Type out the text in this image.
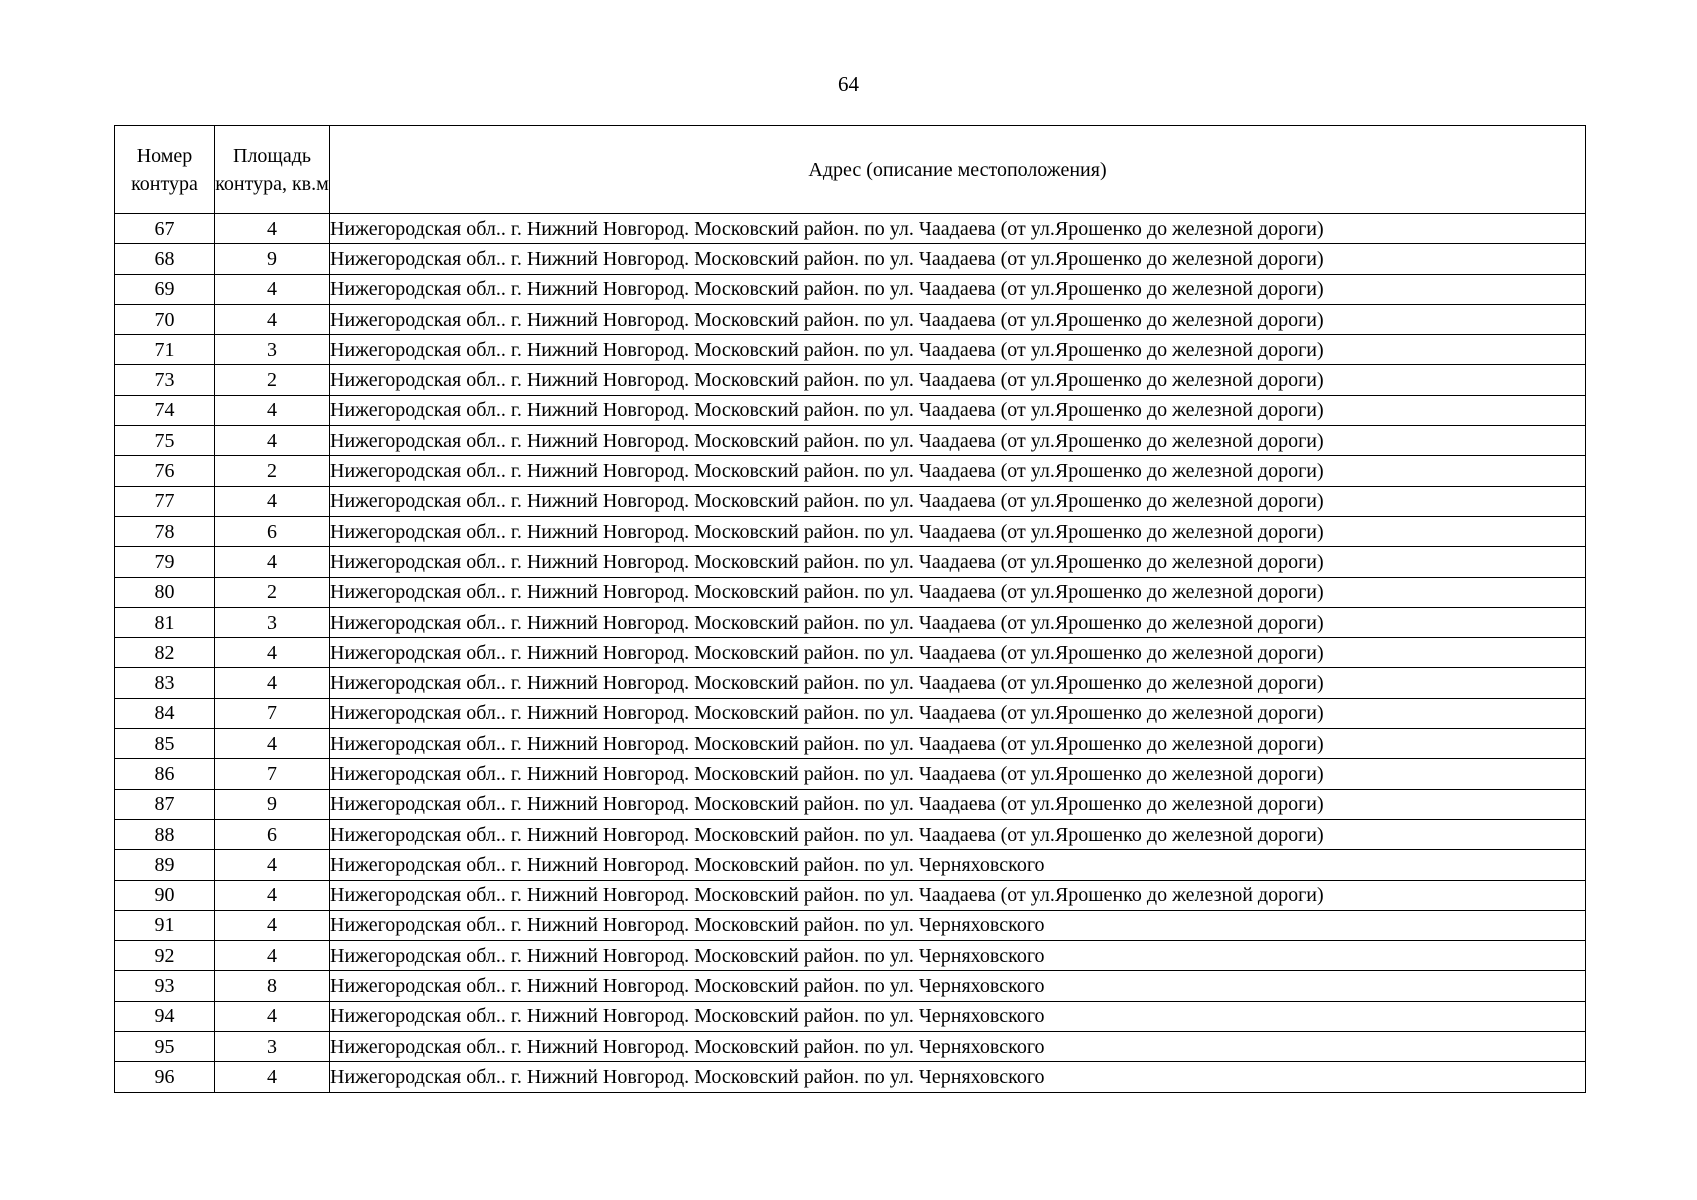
64
Номер контура	Площадь контура, кв.м	Адрес (описание местоположения)
67	4	Нижегородская обл.. г. Нижний Новгород. Московский район. по ул. Чаадаева (от ул.Ярошенко до железной дороги)
68	9	Нижегородская обл.. г. Нижний Новгород. Московский район. по ул. Чаадаева (от ул.Ярошенко до железной дороги)
69	4	Нижегородская обл.. г. Нижний Новгород. Московский район. по ул. Чаадаева (от ул.Ярошенко до железной дороги)
70	4	Нижегородская обл.. г. Нижний Новгород. Московский район. по ул. Чаадаева (от ул.Ярошенко до железной дороги)
71	3	Нижегородская обл.. г. Нижний Новгород. Московский район. по ул. Чаадаева (от ул.Ярошенко до железной дороги)
73	2	Нижегородская обл.. г. Нижний Новгород. Московский район. по ул. Чаадаева (от ул.Ярошенко до железной дороги)
74	4	Нижегородская обл.. г. Нижний Новгород. Московский район. по ул. Чаадаева (от ул.Ярошенко до железной дороги)
75	4	Нижегородская обл.. г. Нижний Новгород. Московский район. по ул. Чаадаева (от ул.Ярошенко до железной дороги)
76	2	Нижегородская обл.. г. Нижний Новгород. Московский район. по ул. Чаадаева (от ул.Ярошенко до железной дороги)
77	4	Нижегородская обл.. г. Нижний Новгород. Московский район. по ул. Чаадаева (от ул.Ярошенко до железной дороги)
78	6	Нижегородская обл.. г. Нижний Новгород. Московский район. по ул. Чаадаева (от ул.Ярошенко до железной дороги)
79	4	Нижегородская обл.. г. Нижний Новгород. Московский район. по ул. Чаадаева (от ул.Ярошенко до железной дороги)
80	2	Нижегородская обл.. г. Нижний Новгород. Московский район. по ул. Чаадаева (от ул.Ярошенко до железной дороги)
81	3	Нижегородская обл.. г. Нижний Новгород. Московский район. по ул. Чаадаева (от ул.Ярошенко до железной дороги)
82	4	Нижегородская обл.. г. Нижний Новгород. Московский район. по ул. Чаадаева (от ул.Ярошенко до железной дороги)
83	4	Нижегородская обл.. г. Нижний Новгород. Московский район. по ул. Чаадаева (от ул.Ярошенко до железной дороги)
84	7	Нижегородская обл.. г. Нижний Новгород. Московский район. по ул. Чаадаева (от ул.Ярошенко до железной дороги)
85	4	Нижегородская обл.. г. Нижний Новгород. Московский район. по ул. Чаадаева (от ул.Ярошенко до железной дороги)
86	7	Нижегородская обл.. г. Нижний Новгород. Московский район. по ул. Чаадаева (от ул.Ярошенко до железной дороги)
87	9	Нижегородская обл.. г. Нижний Новгород. Московский район. по ул. Чаадаева (от ул.Ярошенко до железной дороги)
88	6	Нижегородская обл.. г. Нижний Новгород. Московский район. по ул. Чаадаева (от ул.Ярошенко до железной дороги)
89	4	Нижегородская обл.. г. Нижний Новгород. Московский район. по ул. Черняховского
90	4	Нижегородская обл.. г. Нижний Новгород. Московский район. по ул. Чаадаева (от ул.Ярошенко до железной дороги)
91	4	Нижегородская обл.. г. Нижний Новгород. Московский район. по ул. Черняховского
92	4	Нижегородская обл.. г. Нижний Новгород. Московский район. по ул. Черняховского
93	8	Нижегородская обл.. г. Нижний Новгород. Московский район. по ул. Черняховского
94	4	Нижегородская обл.. г. Нижний Новгород. Московский район. по ул. Черняховского
95	3	Нижегородская обл.. г. Нижний Новгород. Московский район. по ул. Черняховского
96	4	Нижегородская обл.. г. Нижний Новгород. Московский район. по ул. Черняховского
